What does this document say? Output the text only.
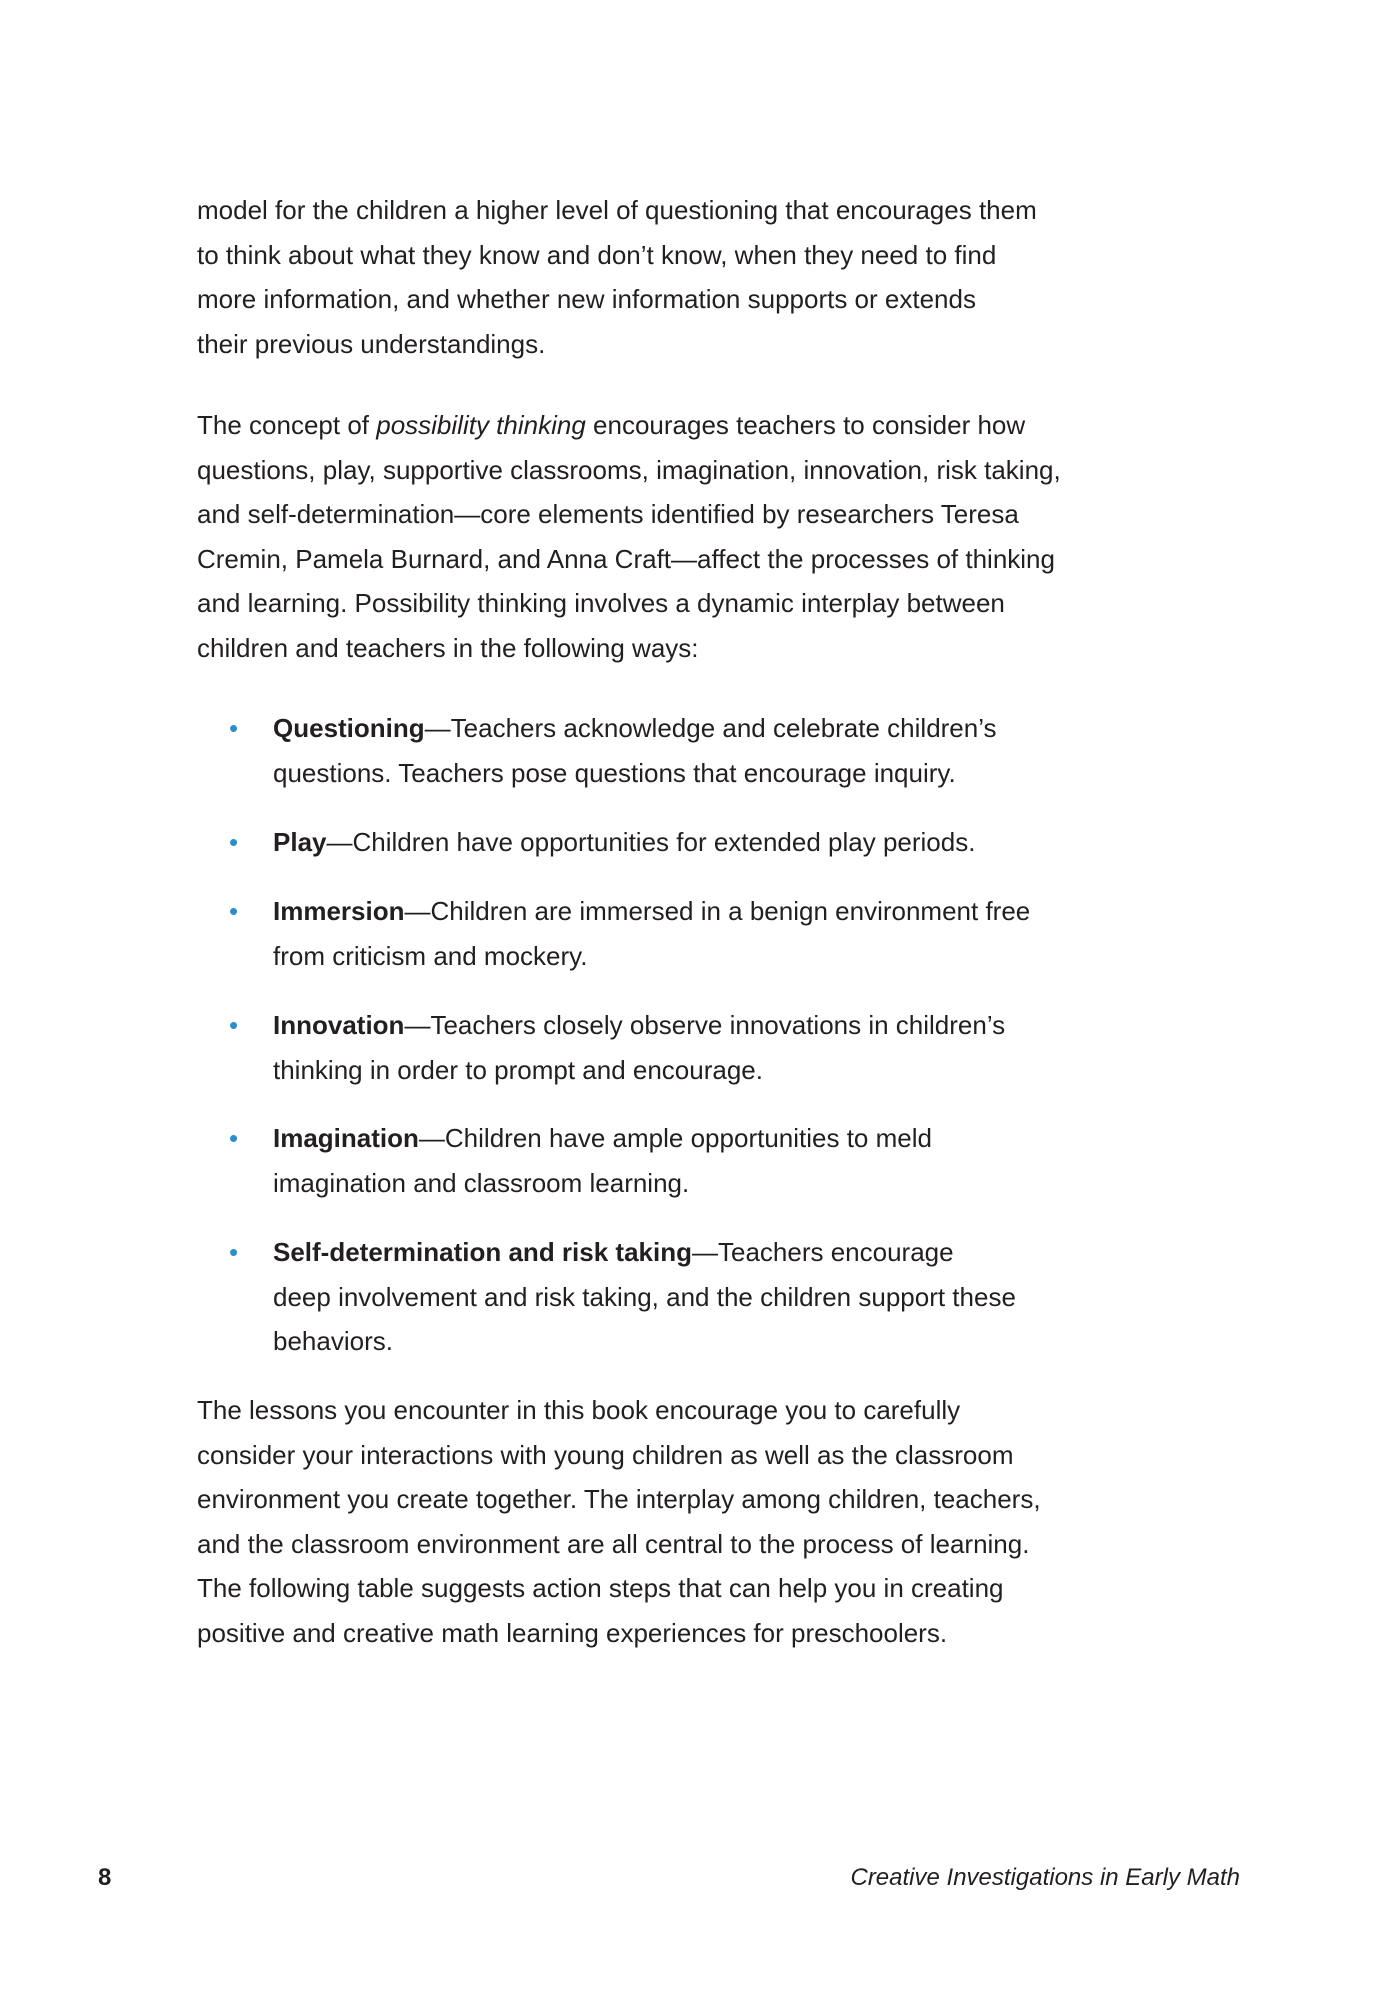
model for the children a higher level of questioning that encourages them
to think about what they know and don’t know, when they need to find
more information, and whether new information supports or extends
their previous understandings.
The concept of possibility thinking encourages teachers to consider how
questions, play, supportive classrooms, imagination, innovation, risk taking,
and self-determination—core elements identified by researchers Teresa
Cremin, Pamela Burnard, and Anna Craft—affect the processes of thinking
and learning. Possibility thinking involves a dynamic interplay between
children and teachers in the following ways:
• Questioning—Teachers acknowledge and celebrate children’s
questions. Teachers pose questions that encourage inquiry.
• Play—Children have opportunities for extended play periods.
• Immersion—Children are immersed in a benign environment free
from criticism and mockery.
• Innovation—Teachers closely observe innovations in children’s
thinking in order to prompt and encourage.
• Imagination—Children have ample opportunities to meld
imagination and classroom learning.
• Self-determination and risk taking—Teachers encourage
deep involvement and risk taking, and the children support these
behaviors.
The lessons you encounter in this book encourage you to carefully
consider your interactions with young children as well as the classroom
environment you create together. The interplay among children, teachers,
and the classroom environment are all central to the process of learning.
The following table suggests action steps that can help you in creating
positive and creative math learning experiences for preschoolers.
8	Creative Investigations in Early Math
